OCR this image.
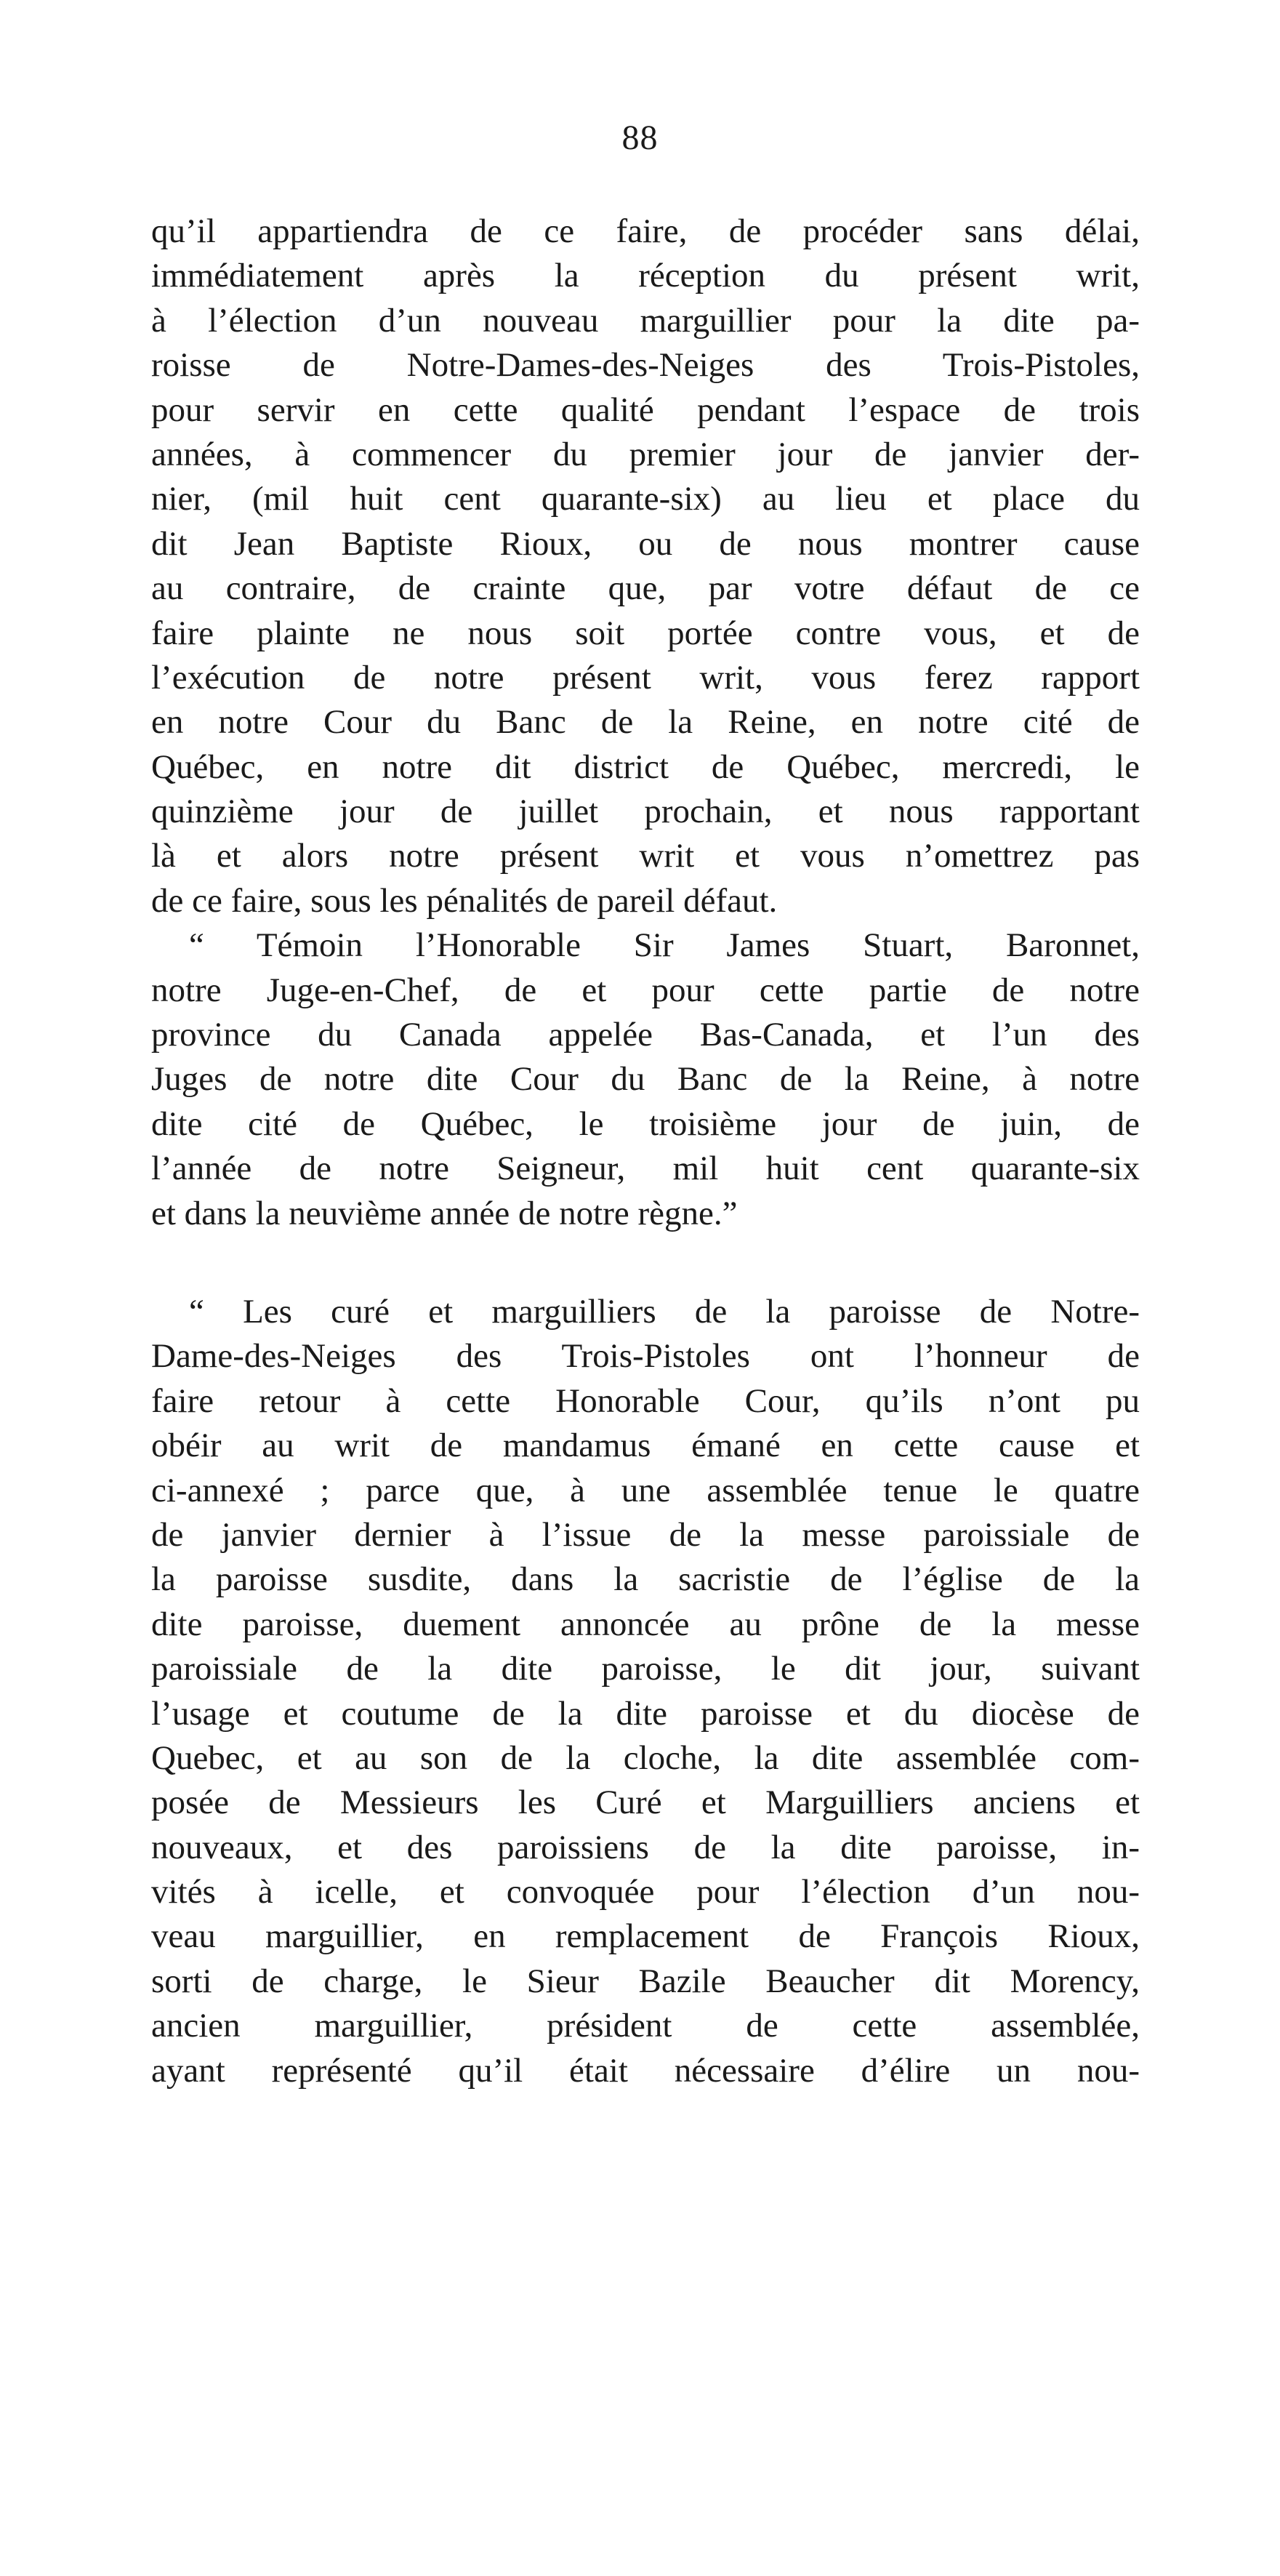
88
qu’il appartiendra de ce faire, de procéder sans délai,
immédiatement après la réception du présent writ,
à l’élection d’un nouveau marguillier pour la dite pa-
roisse de Notre-Dames-des-Neiges des Trois-Pistoles,
pour servir en cette qualité pendant l’espace de trois
années, à commencer du premier jour de janvier der-
nier, (mil huit cent quarante-six) au lieu et place du
dit Jean Baptiste Rioux, ou de nous montrer cause
au contraire, de crainte que, par votre défaut de ce
faire plainte ne nous soit portée contre vous, et de
l’exécution de notre présent writ, vous ferez rapport
en notre Cour du Banc de la Reine, en notre cité de
Québec, en notre dit district de Québec, mercredi, le
quinzième jour de juillet prochain, et nous rapportant
là et alors notre présent writ et vous n’omettrez pas
de ce faire, sous les pénalités de pareil défaut.
“ Témoin l’Honorable Sir James Stuart, Baronnet,
notre Juge-en-Chef, de et pour cette partie de notre
province du Canada appelée Bas-Canada, et l’un des
Juges de notre dite Cour du Banc de la Reine, à notre
dite cité de Québec, le troisième jour de juin, de
l’année de notre Seigneur, mil huit cent quarante-six
et dans la neuvième année de notre règne.”
“ Les curé et marguilliers de la paroisse de Notre-
Dame-des-Neiges des Trois-Pistoles ont l’honneur de
faire retour à cette Honorable Cour, qu’ils n’ont pu
obéir au writ de mandamus émané en cette cause et
ci-annexé ; parce que, à une assemblée tenue le quatre
de janvier dernier à l’issue de la messe paroissiale de
la paroisse susdite, dans la sacristie de l’église de la
dite paroisse, duement annoncée au prône de la messe
paroissiale de la dite paroisse, le dit jour, suivant
l’usage et coutume de la dite paroisse et du diocèse de
Quebec, et au son de la cloche, la dite assemblée com-
posée de Messieurs les Curé et Marguilliers anciens et
nouveaux, et des paroissiens de la dite paroisse, in-
vités à icelle, et convoquée pour l’élection d’un nou-
veau marguillier, en remplacement de François Rioux,
sorti de charge, le Sieur Bazile Beaucher dit Morency,
ancien marguillier, président de cette assemblée,
ayant représenté qu’il était nécessaire d’élire un nou-
